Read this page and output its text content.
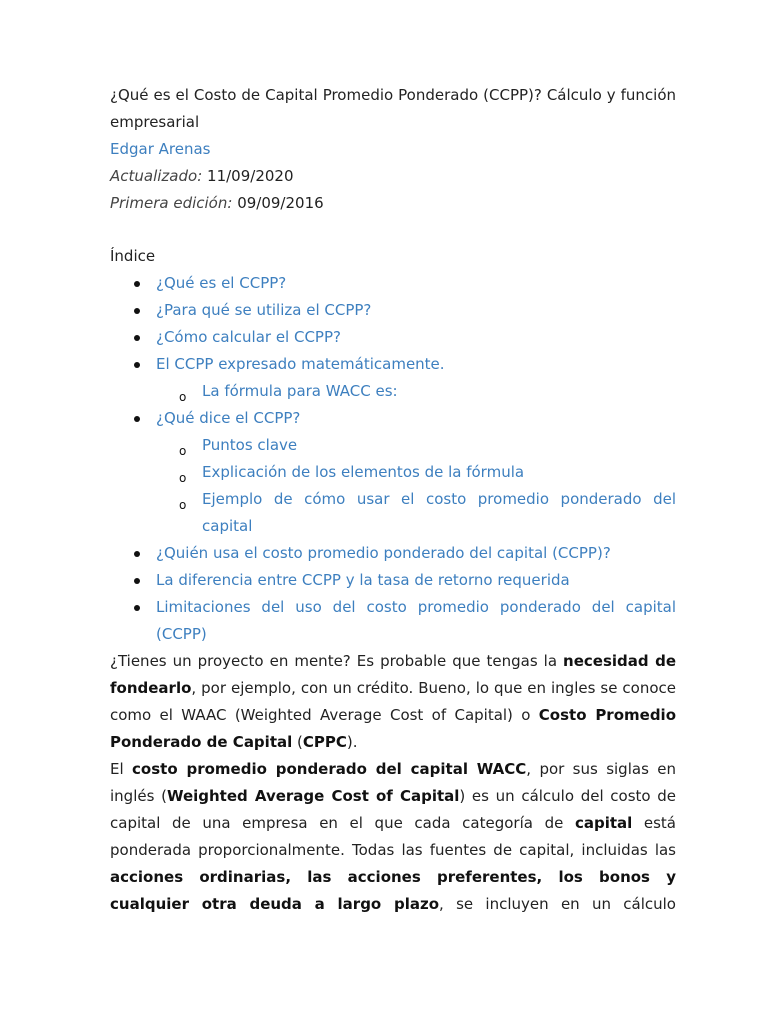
¿Qué es el Costo de Capital Promedio Ponderado (CCPP)? Cálculo y función empresarial

Edgar Arenas

Actualizado: 11/09/2020

Primera edición: 09/09/2016

Índice

¿Qué es el CCPP?
¿Para qué se utiliza el CCPP?
¿Cómo calcular el CCPP?
El CCPP expresado matemáticamente.
o La fórmula para WACC es:
¿Qué dice el CCPP?
o Puntos clave
o Explicación de los elementos de la fórmula
o Ejemplo de cómo usar el costo promedio ponderado del capital
¿Quién usa el costo promedio ponderado del capital (CCPP)?
La diferencia entre CCPP y la tasa de retorno requerida
Limitaciones del uso del costo promedio ponderado del capital (CCPP)

¿Tienes un proyecto en mente? Es probable que tengas la necesidad de fondearlo, por ejemplo, con un crédito. Bueno, lo que en ingles se conoce como el WAAC (Weighted Average Cost of Capital) o Costo Promedio Ponderado de Capital (CPPC).

El costo promedio ponderado del capital WACC, por sus siglas en inglés (Weighted Average Cost of Capital) es un cálculo del costo de capital de una empresa en el que cada categoría de capital está ponderada proporcionalmente. Todas las fuentes de capital, incluidas las acciones ordinarias, las acciones preferentes, los bonos y cualquier otra deuda a largo plazo, se incluyen en un cálculo
